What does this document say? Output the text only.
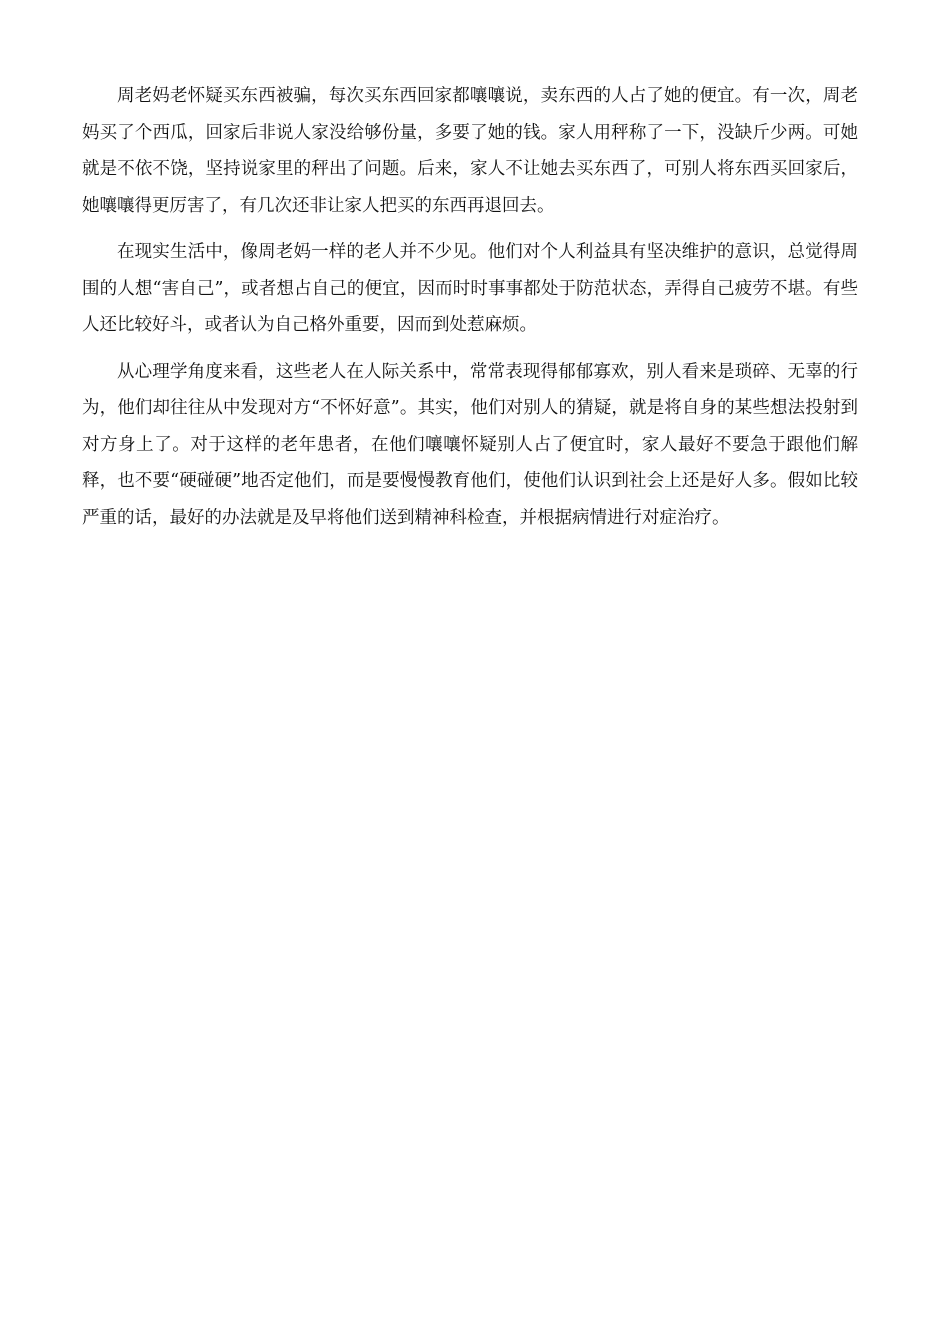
周老妈老怀疑买东西被骗，每次买东西回家都嚷嚷说，卖东西的人占了她的便宜。有一次，周老妈买了个西瓜，回家后非说人家没给够份量，多要了她的钱。家人用秤称了一下，没缺斤少两。可她就是不依不饶，坚持说家里的秤出了问题。后来，家人不让她去买东西了，可别人将东西买回家后，她嚷嚷得更厉害了，有几次还非让家人把买的东西再退回去。

在现实生活中，像周老妈一样的老人并不少见。他们对个人利益具有坚决维护的意识，总觉得周围的人想“害自己”，或者想占自己的便宜，因而时时事事都处于防范状态，弄得自己疲劳不堪。有些人还比较好斗，或者认为自己格外重要，因而到处惹麻烦。

从心理学角度来看，这些老人在人际关系中，常常表现得郁郁寡欢，别人看来是琐碎、无辜的行为，他们却往往从中发现对方“不怀好意”。其实，他们对别人的猜疑，就是将自身的某些想法投射到对方身上了。对于这样的老年患者，在他们嚷嚷怀疑别人占了便宜时，家人最好不要急于跟他们解释，也不要“硬碰硬”地否定他们，而是要慢慢教育他们，使他们认识到社会上还是好人多。假如比较严重的话，最好的办法就是及早将他们送到精神科检查，并根据病情进行对症治疗。
